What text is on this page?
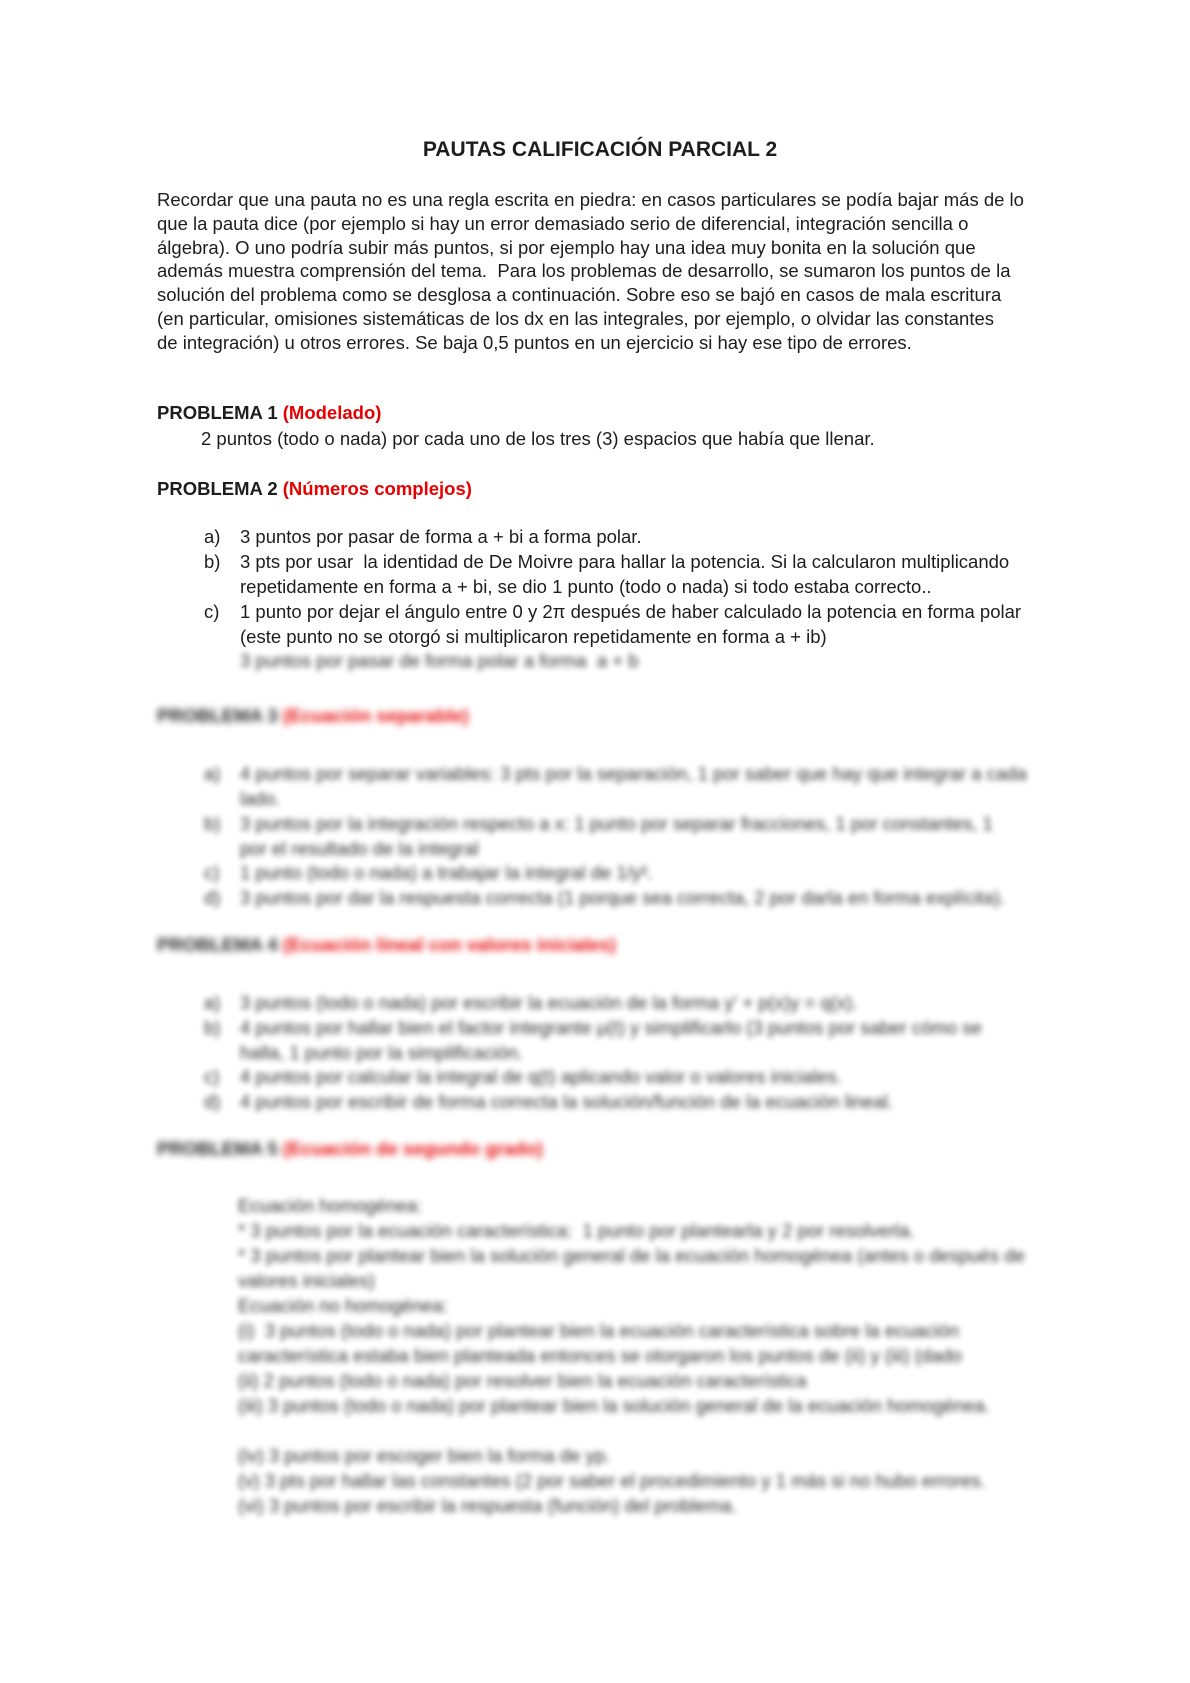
PAUTAS CALIFICACIÓN PARCIAL 2
Recordar que una pauta no es una regla escrita en piedra: en casos particulares se podía bajar más de lo
que la pauta dice (por ejemplo si hay un error demasiado serio de diferencial, integración sencilla o
álgebra). O uno podría subir más puntos, si por ejemplo hay una idea muy bonita en la solución que
además muestra comprensión del tema.  Para los problemas de desarrollo, se sumaron los puntos de la
solución del problema como se desglosa a continuación. Sobre eso se bajó en casos de mala escritura
(en particular, omisiones sistemáticas de los dx en las integrales, por ejemplo, o olvidar las constantes
de integración) u otros errores. Se baja 0,5 puntos en un ejercicio si hay ese tipo de errores.
PROBLEMA 1 (Modelado)
2 puntos (todo o nada) por cada uno de los tres (3) espacios que había que llenar.
PROBLEMA 2 (Números complejos)
a)	3 puntos por pasar de forma a + bi a forma polar.
b)	3 pts por usar  la identidad de De Moivre para hallar la potencia. Si la calcularon multiplicando
repetidamente en forma a + bi, se dio 1 punto (todo o nada) si todo estaba correcto..
c)	1 punto por dejar el ángulo entre 0 y 2π después de haber calculado la potencia en forma polar
(este punto no se otorgó si multiplicaron repetidamente en forma a + ib)
3 puntos por pasar de forma polar a forma  a + b
PROBLEMA 3 (Ecuación separable)
a)	4 puntos por separar variables: 3 pts por la separación, 1 por saber que hay que integrar a cada
lado.
b)	3 puntos por la integración respecto a x: 1 punto por separar fracciones, 1 por constantes, 1
por el resultado de la integral
c)	1 punto (todo o nada) a trabajar la integral de 1/y².
d)	3 puntos por dar la respuesta correcta (1 porque sea correcta, 2 por darla en forma explícita).
PROBLEMA 4 (Ecuación lineal con valores iniciales)
a)	3 puntos (todo o nada) por escribir la ecuación de la forma y' + p(x)y = q(x).
b)	4 puntos por hallar bien el factor integrante μ(t) y simplificarlo (3 puntos por saber cómo se
halla, 1 punto por la simplificación.
c)	4 puntos por calcular la integral de q(t) aplicando valor o valores iniciales.
d)	4 puntos por escribir de forma correcta la solución/función de la ecuación lineal.
PROBLEMA 5 (Ecuación de segundo grado)
Ecuación homogénea:
* 3 puntos por la ecuación característica:  1 punto por plantearla y 2 por resolverla.
* 3 puntos por plantear bien la solución general de la ecuación homogénea (antes o después de
valores iniciales)
Ecuación no homogénea:
(i)  3 puntos (todo o nada) por plantear bien la ecuación característica sobre la ecuación
característica estaba bien planteada entonces se otorgaron los puntos de (ii) y (iii) (dado
(ii) 2 puntos (todo o nada) por resolver bien la ecuación característica
(iii) 3 puntos (todo o nada) por plantear bien la solución general de la ecuación homogénea.

(iv) 3 puntos por escoger bien la forma de yp.
(v) 3 pts por hallar las constantes (2 por saber el procedimiento y 1 más si no hubo errores.
(vi) 3 puntos por escribir la respuesta (función) del problema.
